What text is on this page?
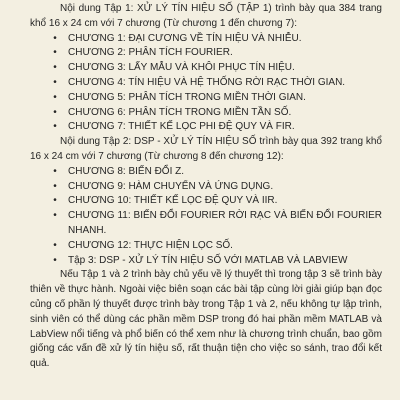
Nội dung Tập 1: XỬ LÝ TÍN HIỆU SỐ (TẬP 1) trình bày qua 384 trang khổ 16 x 24 cm với 7 chương (Từ chương 1 đến chương 7):

•	CHƯƠNG 1: ĐẠI CƯƠNG VỀ TÍN HIỆU VÀ NHIỄU.
•	CHƯƠNG 2: PHÂN TÍCH FOURIER.
•	CHƯƠNG 3: LẤY MẪU VÀ KHÔI PHỤC TÍN HIỆU.
•	CHƯƠNG 4: TÍN HIỆU VÀ HỆ THỐNG RỜI RẠC THỜI GIAN.
•	CHƯƠNG 5: PHÂN TÍCH TRONG MIỀN THỜI GIAN.
•	CHƯƠNG 6: PHÂN TÍCH TRONG MIỀN TẦN SỐ.
•	CHƯƠNG 7: THIẾT KẾ LỌC PHI ĐỆ QUY VÀ FIR.

Nội dung Tập 2: DSP - XỬ LÝ TÍN HIỆU SỐ trình bày qua 392 trang khổ 16 x 24 cm với 7 chương (Từ chương 8 đến chương 12):

•	CHƯƠNG 8: BIẾN ĐỔI Z.
•	CHƯƠNG 9: HÀM CHUYỂN VÀ ỨNG DỤNG.
•	CHƯƠNG 10: THIẾT KẾ LỌC ĐỆ QUY VÀ IIR.
•	CHƯƠNG 11: BIẾN ĐỔI FOURIER RỜI RẠC VÀ BIẾN ĐỔI FOURIER NHANH.
•	CHƯƠNG 12: THỰC HIỆN LỌC SỐ.
•	Tập 3: DSP - XỬ LÝ TÍN HIỆU SỐ VỚI MATLAB VÀ LABVIEW

Nếu Tập 1 và 2 trình bày chủ yếu về lý thuyết thì trong tập 3 sẽ trình bày thiên về thực hành. Ngoài việc biên soạn các bài tập cùng lời giải giúp bạn đọc củng cố phần lý thuyết được trình bày trong Tập 1 và 2, nếu không tự lập trình, sinh viên có thể dùng các phần mềm DSP trong đó hai phần mềm MATLAB và LabView nổi tiếng và phổ biến có thể xem như là chương trình chuẩn, bao gồm giống các vấn đề xử lý tín hiệu số, rất thuận tiện cho việc so sánh, trao đổi kết quả.
